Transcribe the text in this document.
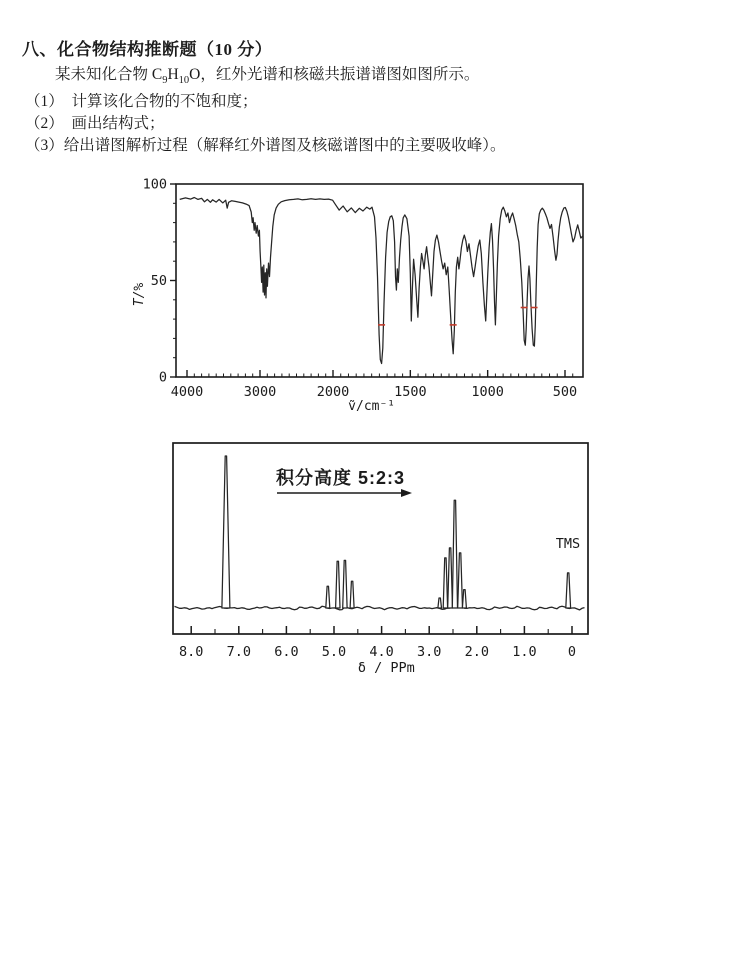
八、化合物结构推断题（10 分）

某未知化合物 $C_9H_{10}O$，红外光谱和核磁共振谱谱图如图所示。

（1）　计算该化合物的不饱和度；

（2）　画出结构式；

（3）给出谱图解析过程（解释红外谱图及核磁谱图中的主要吸收峰）。

4000	3000	2000	1500	1000	500
0
50
100
T/%
ṽ/cm⁻¹
8.0 7.0 6.0 5.0 4.0 3.0 2.0 1.0 0
δ / PPm
积分高度 5:2:3
TMS
